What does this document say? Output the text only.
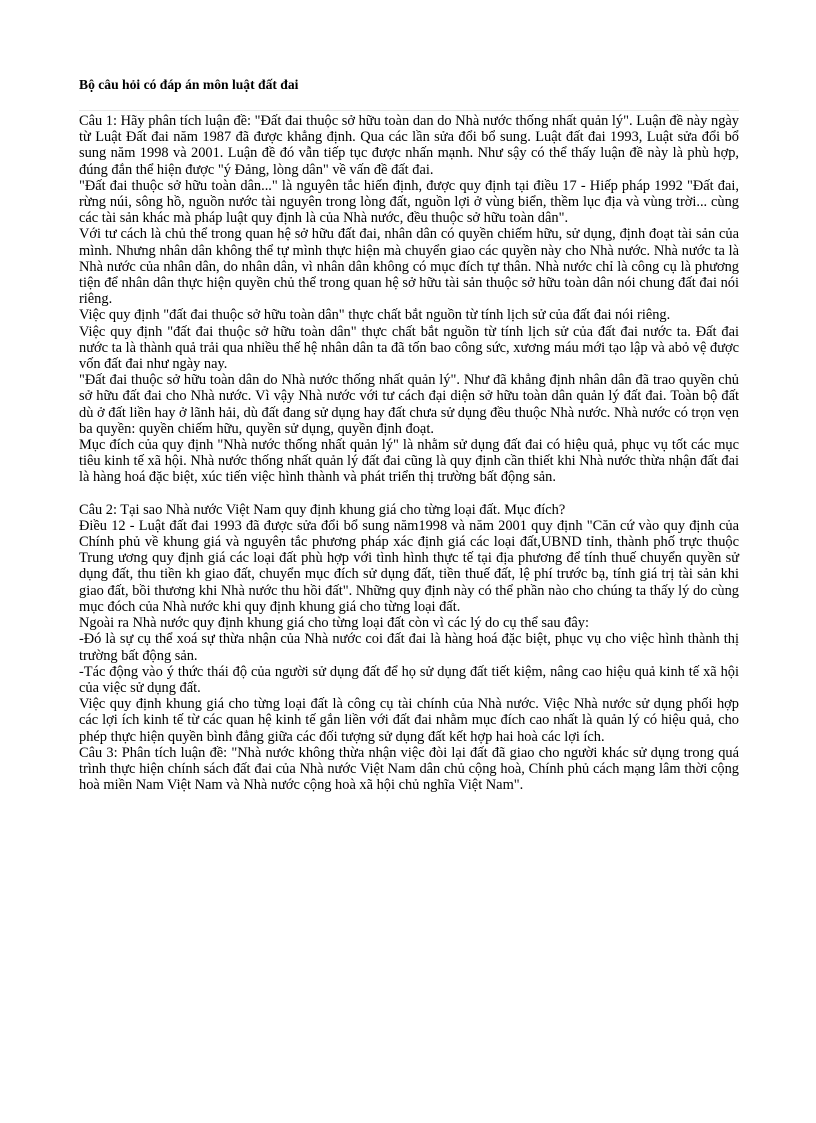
Bộ câu hỏi có đáp án môn luật đất đai

Câu 1: Hãy phân tích luận đề: "Đất đai thuộc sở hữu toàn dan do Nhà nước thống nhất quản lý". Luận đề này ngày từ Luật Đất đai năm 1987 đã được khẳng định. Qua các lần sửa đổi bổ sung. Luật đất đai 1993, Luật sửa đổi bổ sung năm 1998 và 2001. Luận đề đó vẫn tiếp tục được nhấn mạnh. Như sậy có thể thấy luận đề này là phù hợp, đúng đắn thể hiện được "ý Đảng, lòng dân" về vấn đề đất đai.

"Đất đai thuộc sở hữu toàn dân..." là nguyên tắc hiến định, được quy định tại điều 17 - Hiếp pháp 1992 "Đất đai, rừng núi, sông hồ, nguồn nước tài nguyên trong lòng đất, nguồn lợi ở vùng biển, thềm lục địa và vùng trời... cùng các tài sản khác mà pháp luật quy định là của Nhà nước, đều thuộc sở hữu toàn dân".

Với tư cách là chủ thể trong quan hệ sở hữu đất đai, nhân dân có quyền chiếm hữu, sử dụng, định đoạt tài sản của mình. Nhưng nhân dân không thể tự mình thực hiện mà chuyển giao các quyền này cho Nhà nước. Nhà nước ta là Nhà nước của nhân dân, do nhân dân, vì nhân dân không có mục đích tự thân. Nhà nước chỉ là công cụ là phương tiện để nhân dân thực hiện quyền chủ thể trong quan hệ sở hữu tài sản thuộc sở hữu toàn dân nói chung đất đai nói riêng.

Việc quy định "đất đai thuộc sở hữu toàn dân" thực chất bắt nguồn từ tính lịch sử của đất đai nói riêng.

Việc quy định "đất đai thuộc sở hữu toàn dân" thực chất bắt nguồn từ tính lịch sử của đất đai nước ta. Đất đai nước ta là thành quả trải qua nhiều thế hệ nhân dân ta đã tốn bao công sức, xương máu mới tạo lập và abỏ vệ được vốn đất đai như ngày nay.

"Đất đai thuộc sở hữu toàn dân do Nhà nước thống nhất quản lý". Như đã khẳng định nhân dân đã trao quyền chủ sở hữu đất đai cho Nhà nước. Vì vậy Nhà nước với tư cách đại diện sở hữu toàn dân quản lý đất đai. Toàn bộ đất dù ở đất liền hay ở lãnh hải, dù đất đang sử dụng hay đất chưa sử dụng đều thuộc Nhà nước. Nhà nước có trọn vẹn ba quyền: quyền chiếm hữu, quyền sử dụng, quyền định đoạt.

Mục đích của quy định "Nhà nước thống nhất quản lý" là nhằm sử dụng đất đai có hiệu quả, phục vụ tốt các mục tiêu kinh tế xã hội. Nhà nước thống nhất quản lý đất đai cũng là quy định cần thiết khi Nhà nước thừa nhận đất đai là hàng hoá đặc biệt, xúc tiến việc hình thành và phát triển thị trường bất động sản.

Câu 2: Tại sao Nhà nước Việt Nam quy định khung giá cho từng loại đất. Mục đích?

Điều 12 - Luật đất đai 1993 đã được sửa đổi bổ sung năm1998 và năm 2001 quy định "Căn cứ vào quy định của Chính phủ về khung giá và nguyên tắc phương pháp xác định giá các loại đất,UBND tỉnh, thành phố trực thuộc Trung ương quy định giá các loại đất phù hợp với tình hình thực tế tại địa phương để tính thuế chuyển quyền sử dụng đất, thu tiền kh giao đất, chuyển mục đích sử dụng đất, tiền thuế đất, lệ phí trước bạ, tính giá trị tài sản khi giao đất, bồi thương khi Nhà nước thu hồi đất". Những quy định này có thể phần nào cho chúng ta thấy lý do cùng mục đóch của Nhà nước khi quy định khung giá cho từng loại đất.

Ngoài ra Nhà nước quy định khung giá cho từng loại đất còn vì các lý do cụ thể sau đây:

-Đó là sự cụ thể xoá sự thừa nhận của Nhà nước coi đất đai là hàng hoá đặc biệt, phục vụ cho việc hình thành thị trường bất động sản.

-Tác động vào ý thức thái độ của người sử dụng đất để họ sử dụng đất tiết kiệm, nâng cao hiệu quả kinh tế xã hội của việc sử dụng đất.

Việc quy định khung giá cho từng loại đất là công cụ tài chính của Nhà nước. Việc Nhà nước sử dụng phối hợp các lợi ích kinh tế từ các quan hệ kinh tế gắn liền với đất đai nhằm mục đích cao nhất là quản lý có hiệu quả, cho phép thực hiện quyền bình đẳng giữa các đối tượng sử dụng đất kết hợp hai hoà các lợi ích.

Câu 3: Phân tích luận đề: "Nhà nước không thừa nhận việc đòi lại đất đã giao cho người khác sử dụng trong quá trình thực hiện chính sách đất đai của Nhà nước Việt Nam dân chủ cộng hoà, Chính phủ cách mạng lâm thời cộng hoà miền Nam Việt Nam và Nhà nước cộng hoà xã hội chủ nghĩa Việt Nam".
